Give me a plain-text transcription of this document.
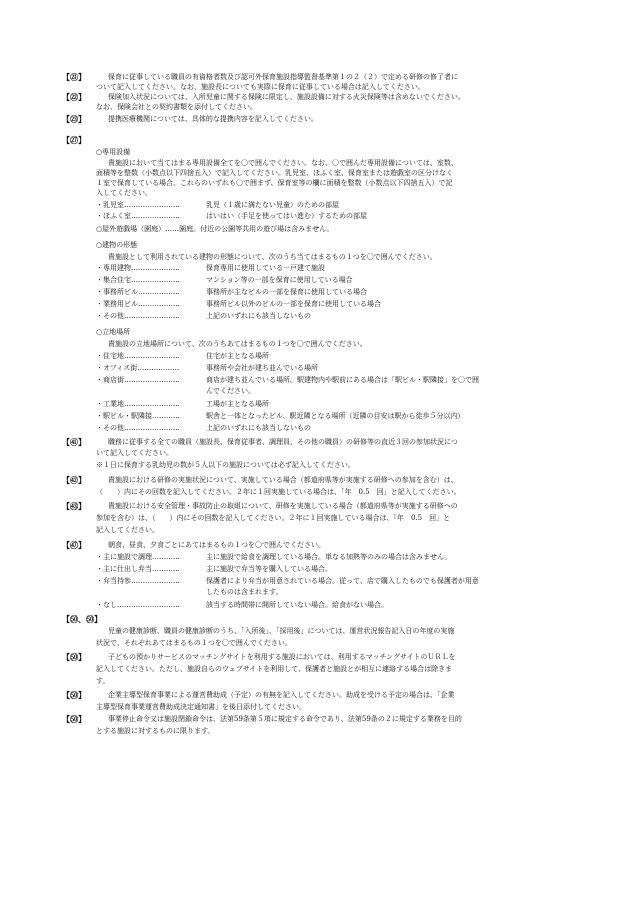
【㉑】	保育に従事している職員の有資格者数及び認可外保育施設指導監督基準第１の２（２）で定める研修の修了者に
ついて記入してください。なお、施設長についても実際に保育に従事している場合は記入してください。
【㉒】	保険加入状況については、入所児童に関する保険に限定し、施設設備に対する火災保険等は含めないでください。
なお、保険会社との契約書類を添付してください。
【㉓】	提携医療機関については、具体的な提携内容を記入してください。
【㉗】
○専用設備
貴施設において当てはまる専用設備全てを〇で囲んでください。なお、〇で囲んだ専用設備については、室数、
面積等を整数（小数点以下四捨五入）で記入してください。乳児室、ほふく室、保育室または遊戯室の区分けなく
１室で保育している場合、これらのいずれも〇で囲まず、保育室等の欄に面積を整数（小数点以下四捨五入）で記
入してください。
・乳児室……………………	乳児（１歳に満たない児童）のための部屋
・ほふく室…………………	はいはい（手足を使ってはい進む）するための部屋
○屋外遊戯場（園庭）……園庭。付近の公園等共用の遊び場は含みません。
○建物の形態
貴施設として利用されている建物の形態について、次のうち当てはまるもの１つを〇で囲んでください。
・専用建物…………………	保育専用に使用している一戸建て施設
・集合住宅…………………	マンション等の一部を保育に使用している場合
・事務所ビル………………	事務所が主なビルの一部を保育に使用している場合
・業務用ビル………………	事務所ビル以外のビルの一部を保育に使用している場合
・その他……………………	上記のいずれにも該当しないもの
○立地場所
貴施設の立地場所について、次のうちあてはまるもの１つを〇で囲んでください。
・住宅地……………………	住宅が主となる場所
・オフィス街………………	事務所や会社が建ち並んでいる場所
・商店街……………………	商店が建ち並んでいる場所。駅建物内や駅前にある場合は「駅ビル・駅隣接」を〇で囲
んでください。
・工業地……………………	工場が主となる場所
・駅ビル・駅隣接…………	駅舎と一体となったビル、駅近隣となる場所（近隣の目安は駅から徒歩５分以内）
・その他……………………	上記のいずれにも該当しないもの
【㊶】	職務に従事する全ての職員（施設長、保育従事者、調理員、その他の職員）の研修等の直近３回の参加状況につ
いて記入してください。
※１日に保育する乳幼児の数が５人以下の施設については必ず記入してください。
【㊷】	貴施設における研修の実施状況について、実施している場合（都道府県等が実施する研修への参加を含む）は、
（　　）内にその回数を記入してください。２年に１回実施している場合は、「年　0.5　回」と記入してください。
【㊸】	貴施設における安全管理・事故防止の取組について、研修を実施している場合（都道府県等が実施する研修への
参加を含む）は、（　　）内にその回数を記入してください。２年に１回実施している場合は、「年　0.5　回」と
記入してください。
【㊼】	朝食、昼食、夕食ごとにあてはまるもの１つを〇で囲んでください。
・主に施設で調理…………	主に施設で給食を調理している場合。単なる加熱等のみの場合は含みません。
・主に仕出し弁当…………	主に施設で弁当等を購入している場合。
・弁当持参…………………	保護者により弁当が用意されている場合。従って、店で購入したものでも保護者が用意
したものは含まれます。
・なし………………………	該当する時間帯に開所していない場合。給食がない場合。
【㊿、㊿】
児童の健康診断、職員の健康診断のうち、「入所後」、「採用後」については、運営状況報告記入日の年度の実施
状況で、それぞれあてはまるもの１つを〇で囲んでください。
【㊿】	子どもの預かりサービスのマッチングサイトを利用する施設においては、利用するマッチングサイトのＵＲＬを
記入してください。ただし、施設自らのウェブサイトを利用して、保護者と施設とが相互に連絡する場合は除きま
す。
【㊿】	企業主導型保育事業による運営費助成（予定）の有無を記入してください。助成を受ける予定の場合は、「企業
主導型保育事業運営費助成決定通知書」を後日添付してください。
【㊿】	事業停止命令又は施設閉鎖命令は、法第59条第５項に規定する命令であり、法第59条の２に規定する業務を目的
とする施設に対するものに限ります。
